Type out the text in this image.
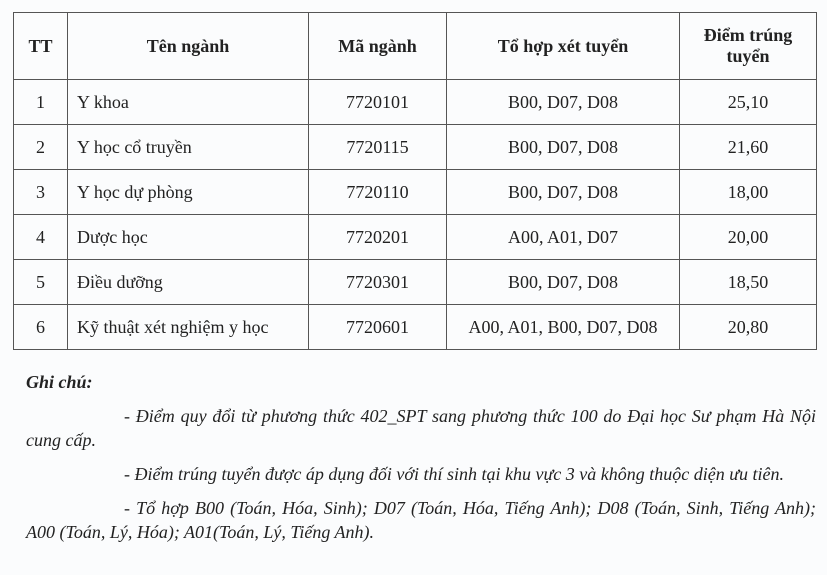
TT	Tên ngành	Mã ngành	Tổ hợp xét tuyển	Điểm trúng tuyển
1	Y khoa	7720101	B00, D07, D08	25,10
2	Y học cổ truyền	7720115	B00, D07, D08	21,60
3	Y học dự phòng	7720110	B00, D07, D08	18,00
4	Dược học	7720201	A00, A01, D07	20,00
5	Điều dưỡng	7720301	B00, D07, D08	18,50
6	Kỹ thuật xét nghiệm y học	7720601	A00, A01, B00, D07, D08	20,80
Ghi chú:

- Điểm quy đổi từ phương thức 402_SPT sang phương thức 100 do Đại học Sư phạm Hà Nội cung cấp.

- Điểm trúng tuyển được áp dụng đối với thí sinh tại khu vực 3 và không thuộc diện ưu tiên.

- Tổ hợp B00 (Toán, Hóa, Sinh); D07 (Toán, Hóa, Tiếng Anh); D08 (Toán, Sinh, Tiếng Anh); A00 (Toán, Lý, Hóa); A01(Toán, Lý, Tiếng Anh).
